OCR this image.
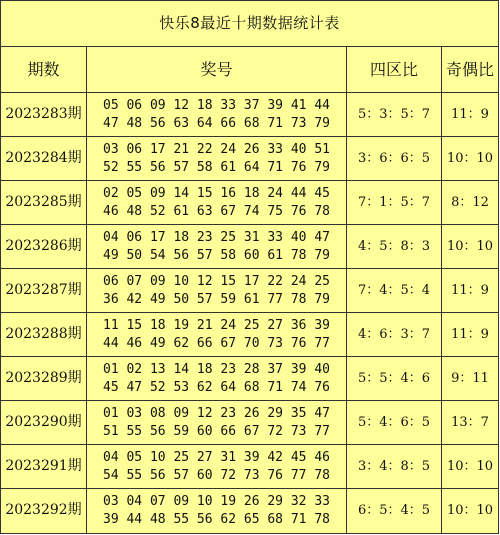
快乐8最近十期数据统计表
期数	奖号	四区比	奇偶比
2023283期
05 06 09 12 18 33 37 39 41 44
47 48 56 63 64 66 68 71 73 79
5：3：5：7	11：9
2023284期
03 06 17 21 22 24 26 33 40 51
52 55 56 57 58 61 64 71 76 79
3：6：6：5	10：10
2023285期
02 05 09 14 15 16 18 24 44 45
46 48 52 61 63 67 74 75 76 78
7：1：5：7	8：12
2023286期
04 06 17 18 23 25 31 33 40 47
49 50 54 56 57 58 60 61 78 79
4：5：8：3	10：10
2023287期
06 07 09 10 12 15 17 22 24 25
36 42 49 50 57 59 61 77 78 79
7：4：5：4	11：9
2023288期
11 15 18 19 21 24 25 27 36 39
44 46 49 62 66 67 70 73 76 77
4：6：3：7	11：9
2023289期
01 02 13 14 18 23 28 37 39 40
45 47 52 53 62 64 68 71 74 76
5：5：4：6	9：11
2023290期
01 03 08 09 12 23 26 29 35 47
51 55 56 59 60 66 67 72 73 77
5：4：6：5	13：7
2023291期
04 05 10 25 27 31 39 42 45 46
54 55 56 57 60 72 73 76 77 78
3：4：8：5	10：10
2023292期
03 04 07 09 10 19 26 29 32 33
39 44 48 55 56 62 65 68 71 78
6：5：4：5	10：10
